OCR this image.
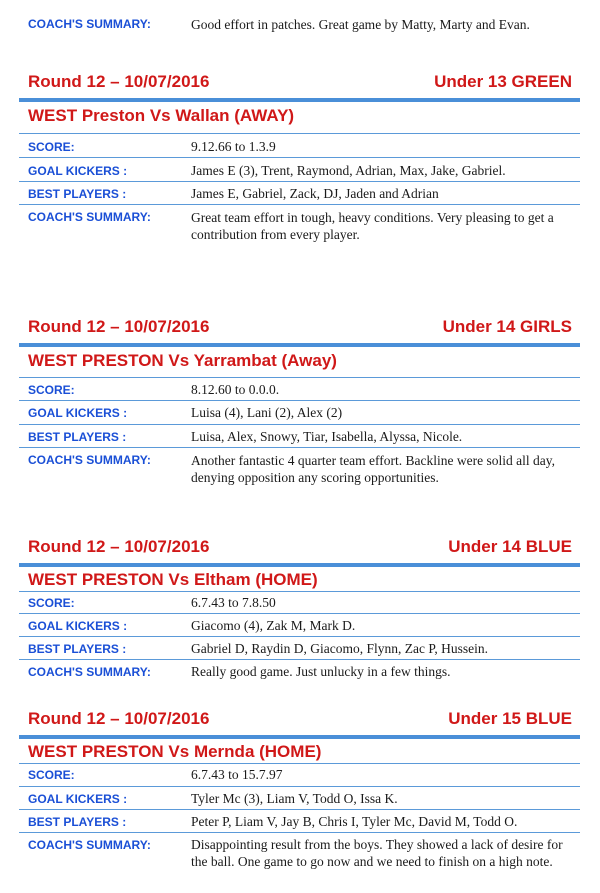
COACH'S SUMMARY:	Good effort in patches. Great game by Matty, Marty and Evan.
Round 12 – 10/07/2016	Under 13 GREEN
WEST Preston Vs Wallan (AWAY)
SCORE:	9.12.66 to 1.3.9
GOAL KICKERS :	James E (3), Trent, Raymond, Adrian, Max, Jake, Gabriel.
BEST PLAYERS :	James E, Gabriel, Zack, DJ, Jaden and Adrian
COACH'S SUMMARY:	Great team effort in tough, heavy conditions. Very pleasing to get a contribution from every player.
Round 12 – 10/07/2016	Under 14 GIRLS
WEST PRESTON Vs Yarrambat (Away)
SCORE:	8.12.60 to 0.0.0.
GOAL KICKERS :	Luisa (4), Lani (2), Alex (2)
BEST PLAYERS :	Luisa, Alex, Snowy, Tiar, Isabella, Alyssa, Nicole.
COACH'S SUMMARY:	Another fantastic 4 quarter team effort. Backline were solid all day, denying opposition any scoring opportunities.
Round 12 – 10/07/2016	Under 14 BLUE
WEST PRESTON Vs Eltham (HOME)
SCORE:	6.7.43 to 7.8.50
GOAL KICKERS :	Giacomo (4), Zak M, Mark D.
BEST PLAYERS :	Gabriel D, Raydin D, Giacomo, Flynn, Zac P, Hussein.
COACH'S SUMMARY:	Really good game. Just unlucky in a few things.
Round 12 – 10/07/2016	Under 15 BLUE
WEST PRESTON Vs Mernda (HOME)
SCORE:	6.7.43 to 15.7.97
GOAL KICKERS :	Tyler Mc (3), Liam V, Todd O, Issa K.
BEST PLAYERS :	Peter P, Liam V, Jay B, Chris I, Tyler Mc, David M, Todd O.
COACH'S SUMMARY:	Disappointing result from the boys. They showed a lack of desire for the ball. One game to go now and we need to finish on a high note.
